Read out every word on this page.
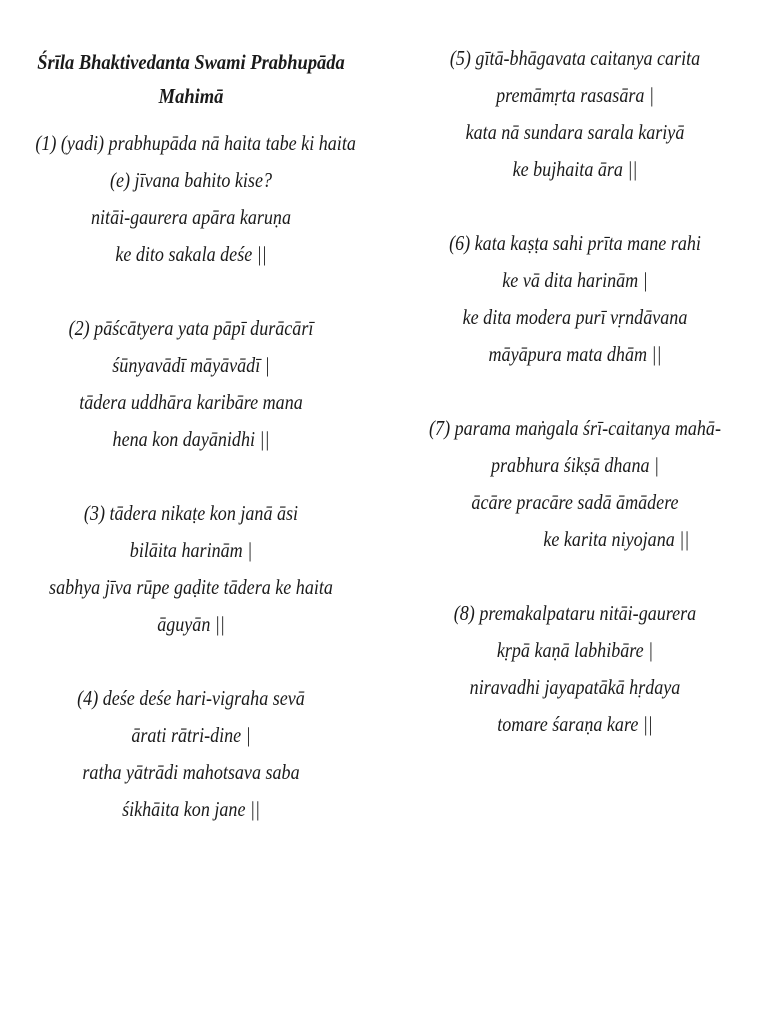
Śrīla Bhaktivedanta Swami Prabhupāda
Mahimā
(1) (yadi) prabhupāda nā haita tabe ki haita
(e) jīvana bahito kise?
nitāi-gaurera apāra karuṇa
ke dito sakala deśe ||
(2) pāścātyera yata pāpī durācārī
śūnyavādī māyāvādī |
tādera uddhāra karibāre mana
hena kon dayānidhi ||
(3) tādera nikaṭe kon janā āsi
bilāita harinām |
sabhya jīva rūpe gaḍite tādera ke haita
āguyān ||
(4) deśe deśe hari-vigraha sevā
ārati rātri-dine |
ratha yātrādi mahotsava saba
śikhāita kon jane ||
(5) gītā-bhāgavata caitanya carita
premāmṛta rasasāra |
kata nā sundara sarala kariyā
ke bujhaita āra ||
(6) kata kaṣṭa sahi prīta mane rahi
ke vā dita harinām |
ke dita modera purī vṛndāvana
māyāpura mata dhām ||
(7) parama maṅgala śrī-caitanya mahā-
prabhura śikṣā dhana |
ācāre pracāre sadā āmādere
ke karita niyojana ||
(8) premakalpataru nitāi-gaurera
kṛpā kaṇā labhibāre |
niravadhi jayapatākā hṛdaya
tomare śaraṇa kare ||
